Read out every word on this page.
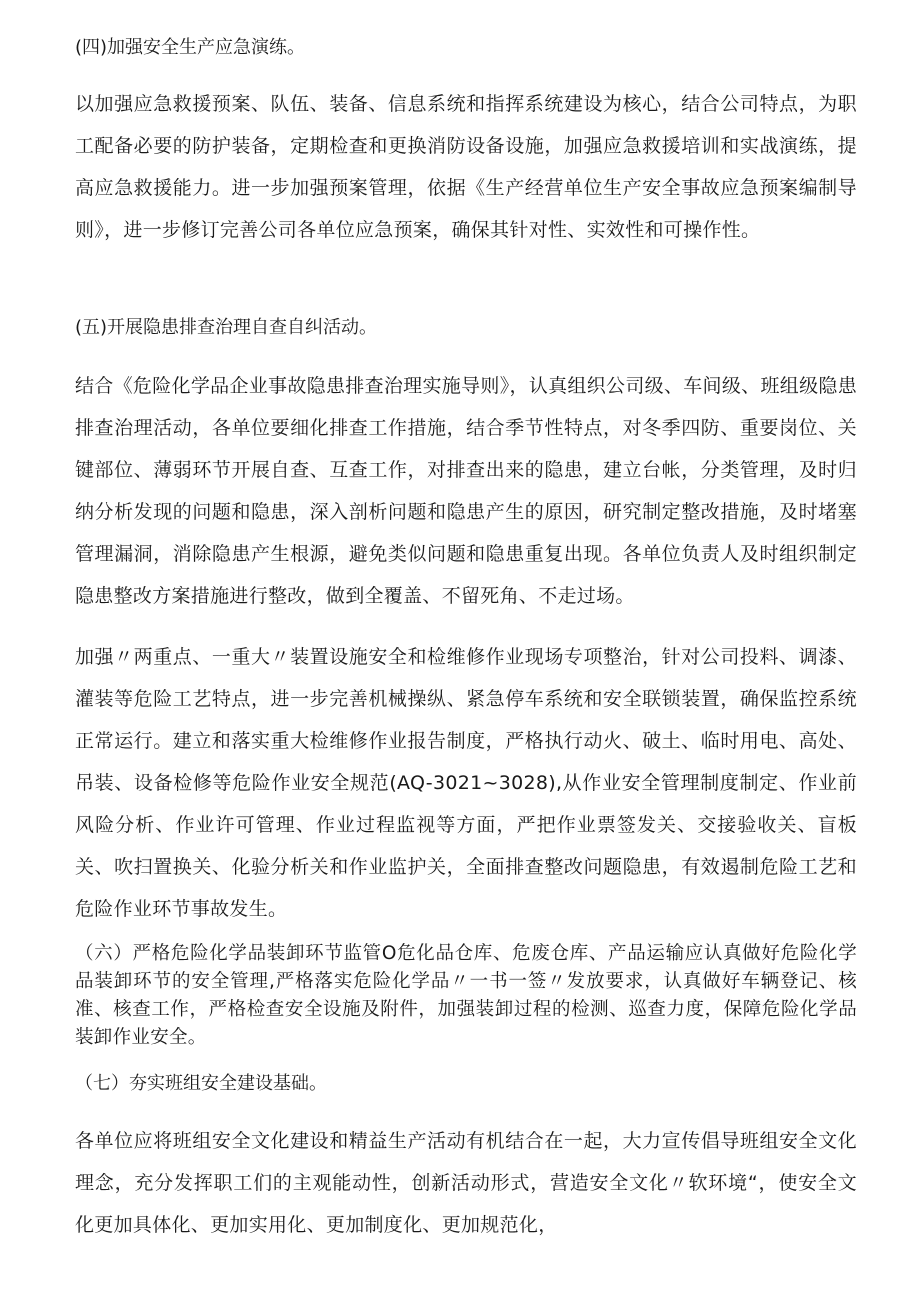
(四)加强安全生产应急演练。

以加强应急救援预案、队伍、装备、信息系统和指挥系统建设为核心，结合公司特点，为职工配备必要的防护装备，定期检查和更换消防设备设施，加强应急救援培训和实战演练，提高应急救援能力。进一步加强预案管理，依据《生产经营单位生产安全事故应急预案编制导则》，进一步修订完善公司各单位应急预案，确保其针对性、实效性和可操作性。

(五)开展隐患排查治理自查自纠活动。

结合《危险化学品企业事故隐患排查治理实施导则》，认真组织公司级、车间级、班组级隐患排查治理活动，各单位要细化排查工作措施，结合季节性特点，对冬季四防、重要岗位、关键部位、薄弱环节开展自查、互查工作，对排查出来的隐患，建立台帐，分类管理，及时归纳分析发现的问题和隐患，深入剖析问题和隐患产生的原因，研究制定整改措施，及时堵塞管理漏洞，消除隐患产生根源，避免类似问题和隐患重复出现。各单位负责人及时组织制定隐患整改方案措施进行整改，做到全覆盖、不留死角、不走过场。

加强〃两重点、一重大〃装置设施安全和检维修作业现场专项整治，针对公司投料、调漆、灌装等危险工艺特点，进一步完善机械操纵、紧急停车系统和安全联锁装置，确保监控系统正常运行。建立和落实重大检维修作业报告制度，严格执行动火、破土、临时用电、高处、吊装、设备检修等危险作业安全规范(AQ-3021~3028),从作业安全管理制度制定、作业前风险分析、作业许可管理、作业过程监视等方面，严把作业票签发关、交接验收关、盲板关、吹扫置换关、化验分析关和作业监护关，全面排查整改问题隐患，有效遏制危险工艺和危险作业环节事故发生。

（六）严格危险化学品装卸环节监管O危化品仓库、危废仓库、产品运输应认真做好危险化学品装卸环节的安全管理,严格落实危险化学品〃一书一签〃发放要求，认真做好车辆登记、核准、核查工作，严格检查安全设施及附件，加强装卸过程的检测、巡查力度，保障危险化学品装卸作业安全。

（七）夯实班组安全建设基础。

各单位应将班组安全文化建设和精益生产活动有机结合在一起，大力宣传倡导班组安全文化理念，充分发挥职工们的主观能动性，创新活动形式，营造安全文化〃软环境“，使安全文化更加具体化、更加实用化、更加制度化、更加规范化，
